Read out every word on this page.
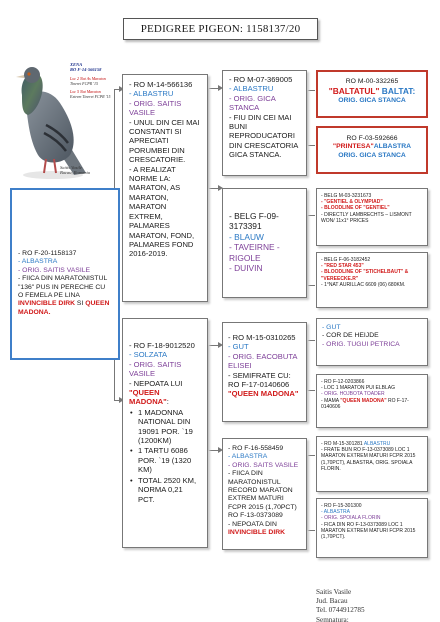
PEDIGREE PIGEON: 1158137/20
XENA
RO F-14-566158
Loc 2 Nat As Maraton
Tineret FCPR '15
Loc 5 Nat Maraton
Extrem Tineret FCPR '15
Saitis Vasile
Bacau, Romania
- RO F-20-1158137
- ALBASTRA
- ORIG. SAITIS VASILE
- FIICA DIN MARATONISTUL "136" PUS IN PERECHE CU O FEMELA PE LINA INVINCIBLE DIRK SI QUEEN MADONA.
- RO M-14-566136
- ALBASTRU
- ORIG. SAITIS VASILE
- UNUL DIN CEI MAI CONSTANTI SI APRECIATI PORUMBEI DIN CRESCATORIE.
- A REALIZAT NORME LA: MARATON, AS MARATON, MARATON EXTREM, PALMARES MARATON, FOND, PALMARES FOND 2016-2019.
- RO F-18-9012520
- SOLZATA
- ORIG. SAITIS VASILE
- NEPOATA LUI "QUEEN MADONA":
• 1 MADONNA NATIONAL DIN 19091 POR. `19 (1200KM)
• 1 TARTU 6086 POR. `19 (1320 KM)
• TOTAL 2520 KM, NORMA 0,21 PCT.
- RO M-07-369005
- ALBASTRU
- ORIG. GICA STANCA
- FIU DIN CEI MAI BUNI REPRODUCATORI DIN CRESCATORIA GICA STANCA.
- BELG F-09-3173391
- BLAUW
- TAVEIRNE - RIGOLE
- DUIVIN
- RO M-15-0310265
- GUT
- ORIG. EACOBUTA ELISEI
- SEMIFRATE CU: RO F-17-0140606
"QUEEN MADONA"
- RO F-16-558459
- ALBASTRA
- ORIG. SAITS VASILE
- FIICA DIN MARATONISTUL RECORD MARATON EXTREM MATURI FCPR 2015 (1,70PCT) RO F-13-0373089
- NEPOATA DIN
INVINCIBLE DIRK
RO M-00-332265
"BALTATUL" BALTAT:
ORIG. GICA STANCA
RO F-03-592666
"PRINTESA"ALBASTRA
ORIG. GICA STANCA
- BELG M-03-3231673
- "GENTIEL & OLYMPIAD"
- BLOODLINE OF "GENTIEL"
- DIRECTLY LAMBRECHTS – LISMONT WON/ 11x1° PRICES
- BELG F-06-3182452
- "RED STAR 453"
- BLOODLINE OF "STICHELBAUT" & "VEREECKE.R"
- 1°NAT AURILLAC 6609 (06) 680KM.
- GUT
- COR DE HEIJDE
- ORIG. TUGUI PETRICA
- RO F-12-0203866
- LOC 1 MARATON PUI ELBLAG
- ORIG. HOJBOTA TOADER
- MAMA "QUEEN MADONA" RO F-17-0140606
- RO M-15-301281 ALBASTRU
- FRATE BUN RO F-13-0373089 LOC 1 MARATON EXTREM MATURI FCPR 2015 (1,70PCT), ALBASTRA, ORIG. SPOIALA FLORIN.
- RO F-15-301300
- ALBASTRA
- ORIG. SPOIALA FLORIN
- FICA DIN RO F-13-0373089 LOC 1 MARATON EXTREM MATURI FCPR 2015 (1,70PCT).
Saitis Vasile
Jud. Bacau
Tel. 0744912785
Semnatura:
